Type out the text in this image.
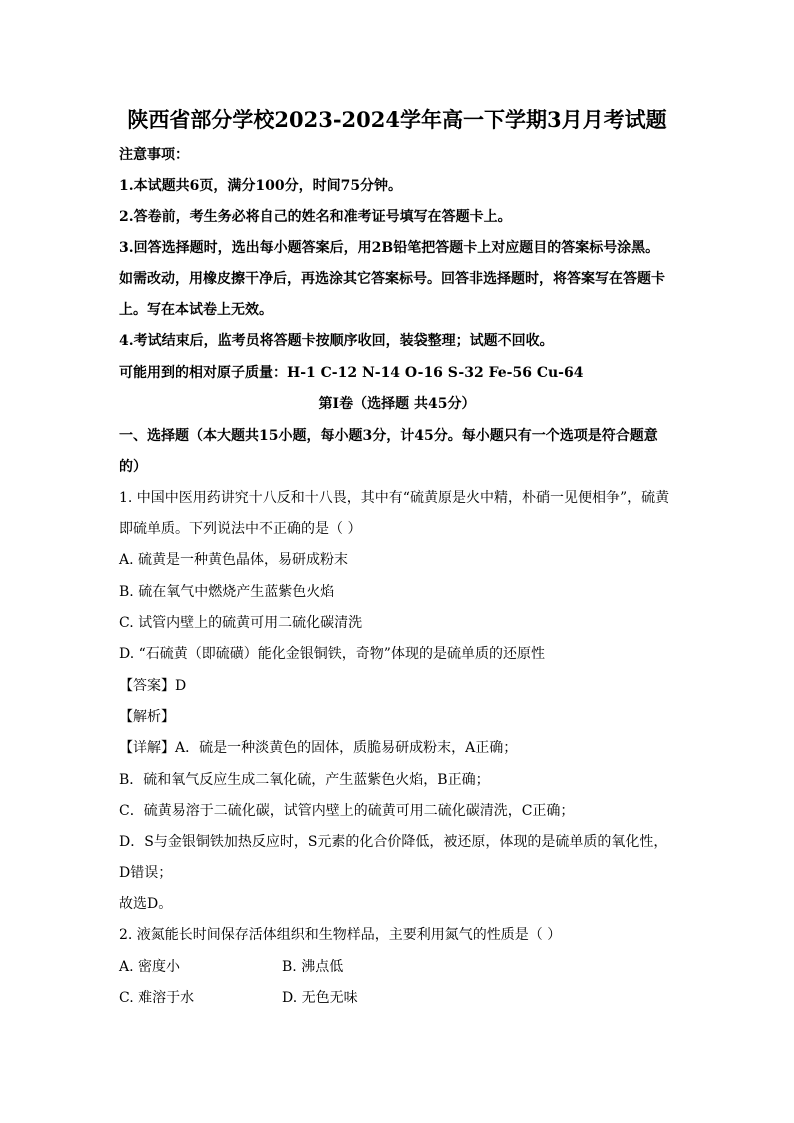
陕西省部分学校2023-2024学年高一下学期3月月考试题
注意事项：
1.本试题共6页，满分100分，时间75分钟。
2.答卷前，考生务必将自己的姓名和准考证号填写在答题卡上。
3.回答选择题时，选出每小题答案后，用2B铅笔把答题卡上对应题目的答案标号涂黑。
如需改动，用橡皮擦干净后，再选涂其它答案标号。回答非选择题时，将答案写在答题卡
上。写在本试卷上无效。
4.考试结束后，监考员将答题卡按顺序收回，装袋整理；试题不回收。
可能用到的相对原子质量：H-1 C-12 N-14 O-16 S-32 Fe-56 Cu-64
第Ⅰ卷（选择题 共45分）
一、选择题（本大题共15小题，每小题3分，计45分。每小题只有一个选项是符合题意
的）
1. 中国中医用药讲究十八反和十八畏，其中有“硫黄原是火中精，朴硝一见便相争”，硫黄
即硫单质。下列说法中不正确的是（ ）
A. 硫黄是一种黄色晶体，易研成粉末
B. 硫在氧气中燃烧产生蓝紫色火焰
C. 试管内壁上的硫黄可用二硫化碳清洗
D. “石硫黄（即硫磺）能化金银铜铁，奇物”体现的是硫单质的还原性
【答案】D
【解析】
【详解】A．硫是一种淡黄色的固体，质脆易研成粉末，A正确；
B．硫和氧气反应生成二氧化硫，产生蓝紫色火焰，B正确；
C．硫黄易溶于二硫化碳，试管内壁上的硫黄可用二硫化碳清洗，C正确；
D．S与金银铜铁加热反应时，S元素的化合价降低，被还原，体现的是硫单质的氧化性，
D错误；
故选D。
2. 液氮能长时间保存活体组织和生物样品，主要利用氮气的性质是（ ）
A. 密度小	B. 沸点低
C. 难溶于水	D. 无色无味
